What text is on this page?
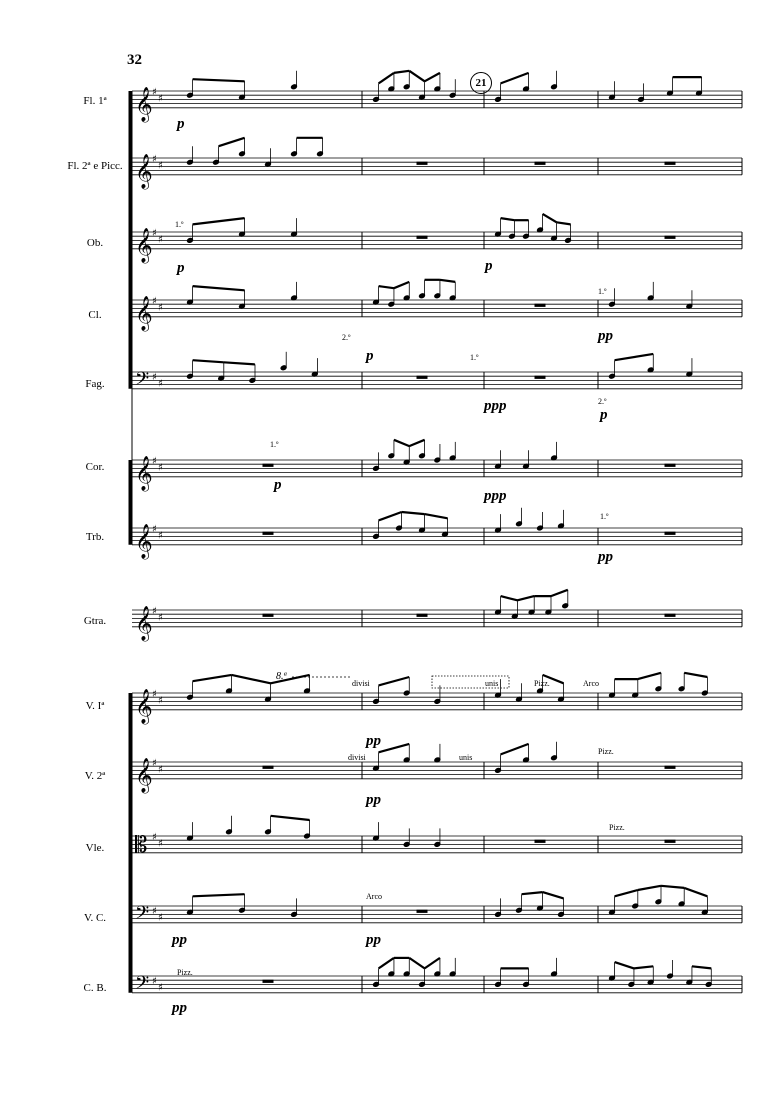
32
21
Fl. 1ª
Fl. 2ª e Picc.
Ob.
Cl.
Fag.
Cor.
Trb.
Gtra.
V. Iª
V. 2ª
Vle.
V. C.
C. B.
𝄞 ♯
♯
𝄞 ♯
♯
𝄞 ♯
♯
𝄞 ♯
♯
𝄢 ♯
♯
𝄞 ♯
♯
𝄞 ♯
♯
𝄞 ♯
♯
𝄞 ♯
♯
𝄞 ♯
♯
𝄡 ♯
♯
𝄢 ♯
♯
𝄢 ♯
♯
p
p	p
pp
p
ppp
p
p
ppp
pp
pp
pp
pp	pp
pp
1.º
1.º
2.º
1.º
2.º
1.º
1.º
8.ª
divisi	unis	Pizz.	Arco
divisi	unis
Pizz.
Pizz.
Arco
Pizz.
